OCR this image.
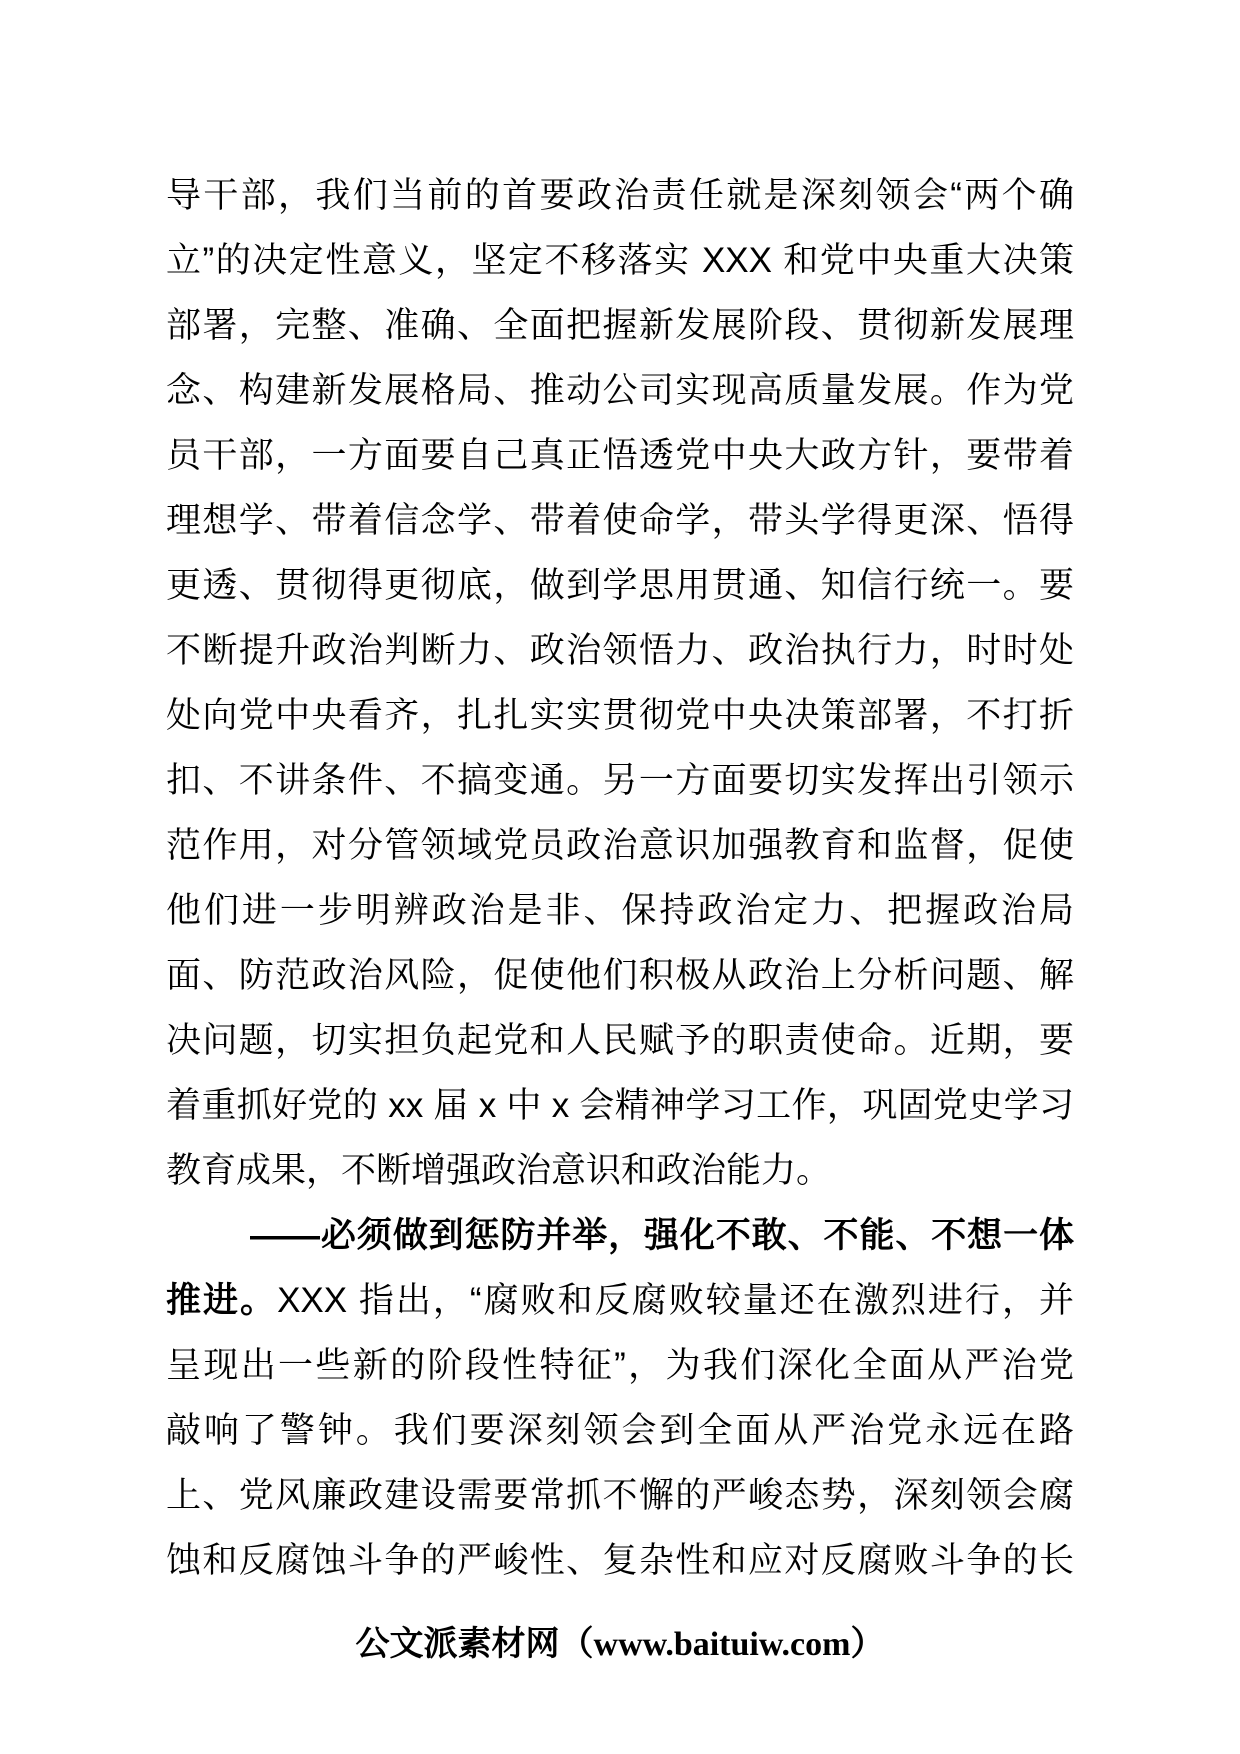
导干部，我们当前的首要政治责任就是深刻领会“两个确
立”的决定性意义，坚定不移落实 XXX 和党中央重大决策
部署，完整、准确、全面把握新发展阶段、贯彻新发展理
念、构建新发展格局、推动公司实现高质量发展。作为党
员干部，一方面要自己真正悟透党中央大政方针，要带着
理想学、带着信念学、带着使命学，带头学得更深、悟得
更透、贯彻得更彻底，做到学思用贯通、知信行统一。要
不断提升政治判断力、政治领悟力、政治执行力，时时处
处向党中央看齐，扎扎实实贯彻党中央决策部署，不打折
扣、不讲条件、不搞变通。另一方面要切实发挥出引领示
范作用，对分管领域党员政治意识加强教育和监督，促使
他们进一步明辨政治是非、保持政治定力、把握政治局
面、防范政治风险，促使他们积极从政治上分析问题、解
决问题，切实担负起党和人民赋予的职责使命。近期，要
着重抓好党的 xx 届 x 中 x 会精神学习工作，巩固党史学习
教育成果，不断增强政治意识和政治能力。
——必须做到惩防并举，强化不敢、不能、不想一体
推进。XXX 指出，“腐败和反腐败较量还在激烈进行，并
呈现出一些新的阶段性特征”，为我们深化全面从严治党
敲响了警钟。我们要深刻领会到全面从严治党永远在路
上、党风廉政建设需要常抓不懈的严峻态势，深刻领会腐
蚀和反腐蚀斗争的严峻性、复杂性和应对反腐败斗争的长
公文派素材网（www.baituiw.com）
